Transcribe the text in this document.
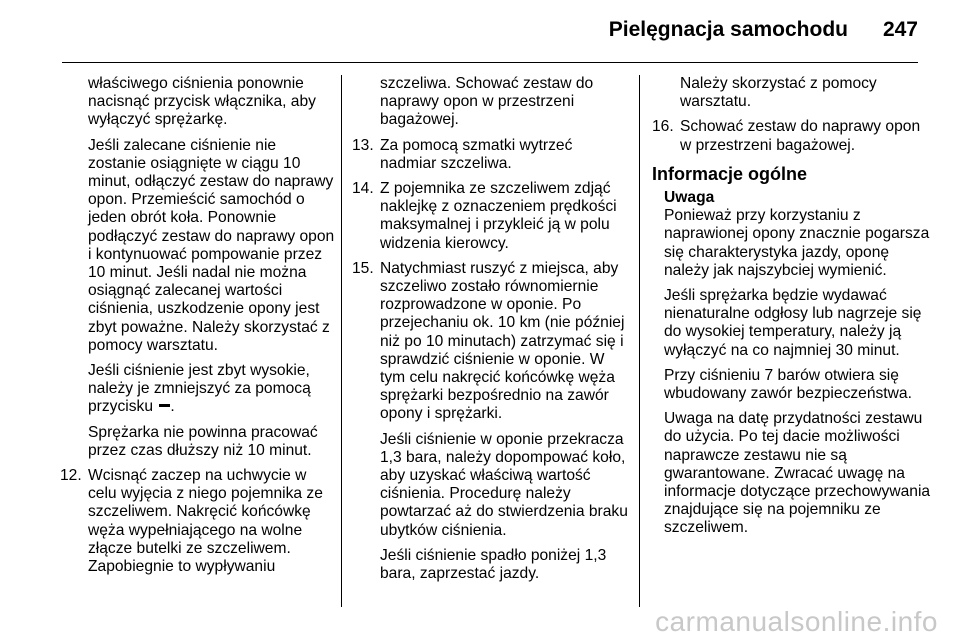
Pielęgnacja samochodu 247

właściwego ciśnienia ponownie nacisnąć przycisk włącznika, aby wyłączyć sprężarkę.

Jeśli zalecane ciśnienie nie zostanie osiągnięte w ciągu 10 minut, odłączyć zestaw do naprawy opon. Przemieścić samochód o jeden obrót koła. Ponownie podłączyć zestaw do naprawy opon i kontynuować pompowanie przez 10 minut. Jeśli nadal nie można osiągnąć zalecanej wartości ciśnienia, uszkodzenie opony jest zbyt poważne. Należy skorzystać z pomocy warsztatu.

Jeśli ciśnienie jest zbyt wysokie, należy je zmniejszyć za pomocą przycisku .

Sprężarka nie powinna pracować przez czas dłuższy niż 10 minut.

12. Wcisnąć zaczep na uchwycie w celu wyjęcia z niego pojemnika ze szczeliwem. Nakręcić końcówkę węża wypełniającego na wolne złącze butelki ze szczeliwem. Zapobiegnie to wypływaniu

szczeliwa. Schować zestaw do naprawy opon w przestrzeni bagażowej.

13. Za pomocą szmatki wytrzeć nadmiar szczeliwa.
14. Z pojemnika ze szczeliwem zdjąć naklejkę z oznaczeniem prędkości maksymalnej i przykleić ją w polu widzenia kierowcy.
15. Natychmiast ruszyć z miejsca, aby szczeliwo zostało równomiernie rozprowadzone w oponie. Po przejechaniu ok. 10 km (nie później niż po 10 minutach) zatrzymać się i sprawdzić ciśnienie w oponie. W tym celu nakręcić końcówkę węża sprężarki bezpośrednio na zawór opony i sprężarki.

Jeśli ciśnienie w oponie przekracza 1,3 bara, należy dopompować koło, aby uzyskać właściwą wartość ciśnienia. Procedurę należy powtarzać aż do stwierdzenia braku ubytków ciśnienia.

Jeśli ciśnienie spadło poniżej 1,3 bara, zaprzestać jazdy.

Należy skorzystać z pomocy warsztatu.

16. Schować zestaw do naprawy opon w przestrzeni bagażowej.
Informacje ogólne
Uwaga

Ponieważ przy korzystaniu z naprawionej opony znacznie pogarsza się charakterystyka jazdy, oponę należy jak najszybciej wymienić.

Jeśli sprężarka będzie wydawać nienaturalne odgłosy lub nagrzeje się do wysokiej temperatury, należy ją wyłączyć na co najmniej 30 minut.

Przy ciśnieniu 7 barów otwiera się wbudowany zawór bezpieczeństwa.

Uwaga na datę przydatności zestawu do użycia. Po tej dacie możliwości naprawcze zestawu nie są gwarantowane. Zwracać uwagę na informacje dotyczące przechowywania znajdujące się na pojemniku ze szczeliwem.

carmanualsonline.info
